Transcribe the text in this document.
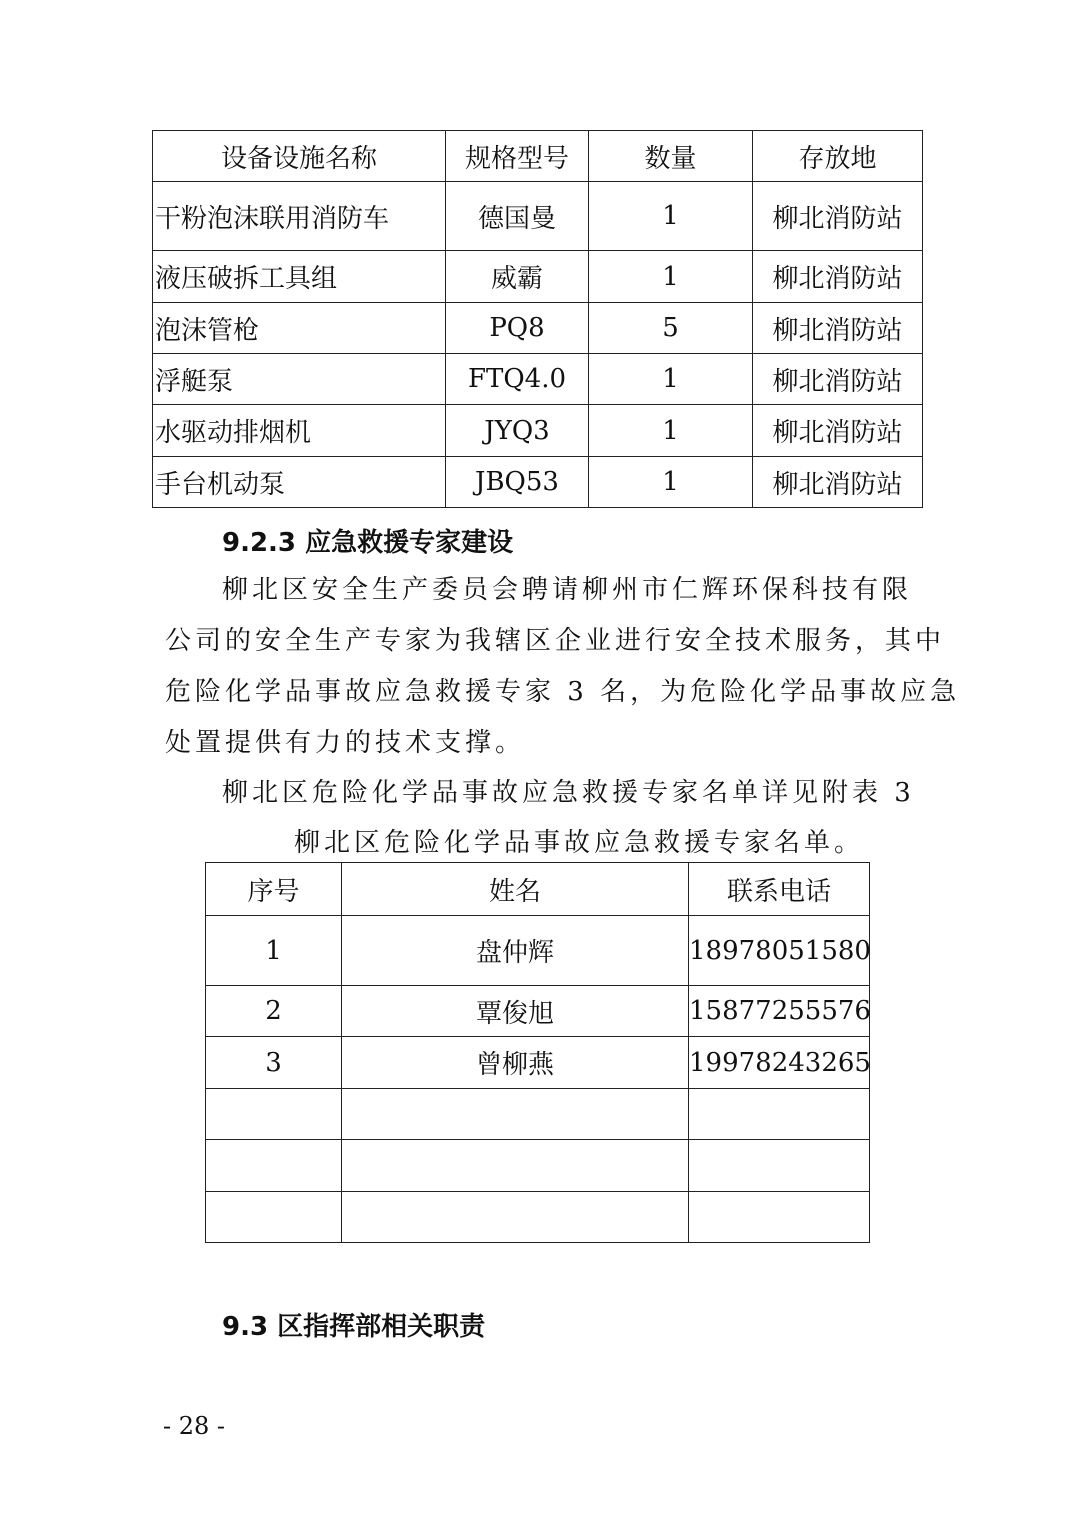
设备设施名称	规格型号	数量	存放地
干粉泡沫联用消防车	德国曼	1	柳北消防站
液压破拆工具组	威霸	1	柳北消防站
泡沫管枪	PQ8	5	柳北消防站
浮艇泵	FTQ4.0	1	柳北消防站
水驱动排烟机	JYQ3	1	柳北消防站
手台机动泵	JBQ53	1	柳北消防站
9.2.3 应急救援专家建设
柳北区安全生产委员会聘请柳州市仁辉环保科技有限
公司的安全生产专家为我辖区企业进行安全技术服务，其中
危险化学品事故应急救援专家 3 名，为危险化学品事故应急
处置提供有力的技术支撑。
柳北区危险化学品事故应急救援专家名单详见附表 3
柳北区危险化学品事故应急救援专家名单。
序号	姓名	联系电话
1	盘仲辉	18978051580
2	覃俊旭	15877255576
3	曾柳燕	19978243265

9.3 区指挥部相关职责
- 28 -
